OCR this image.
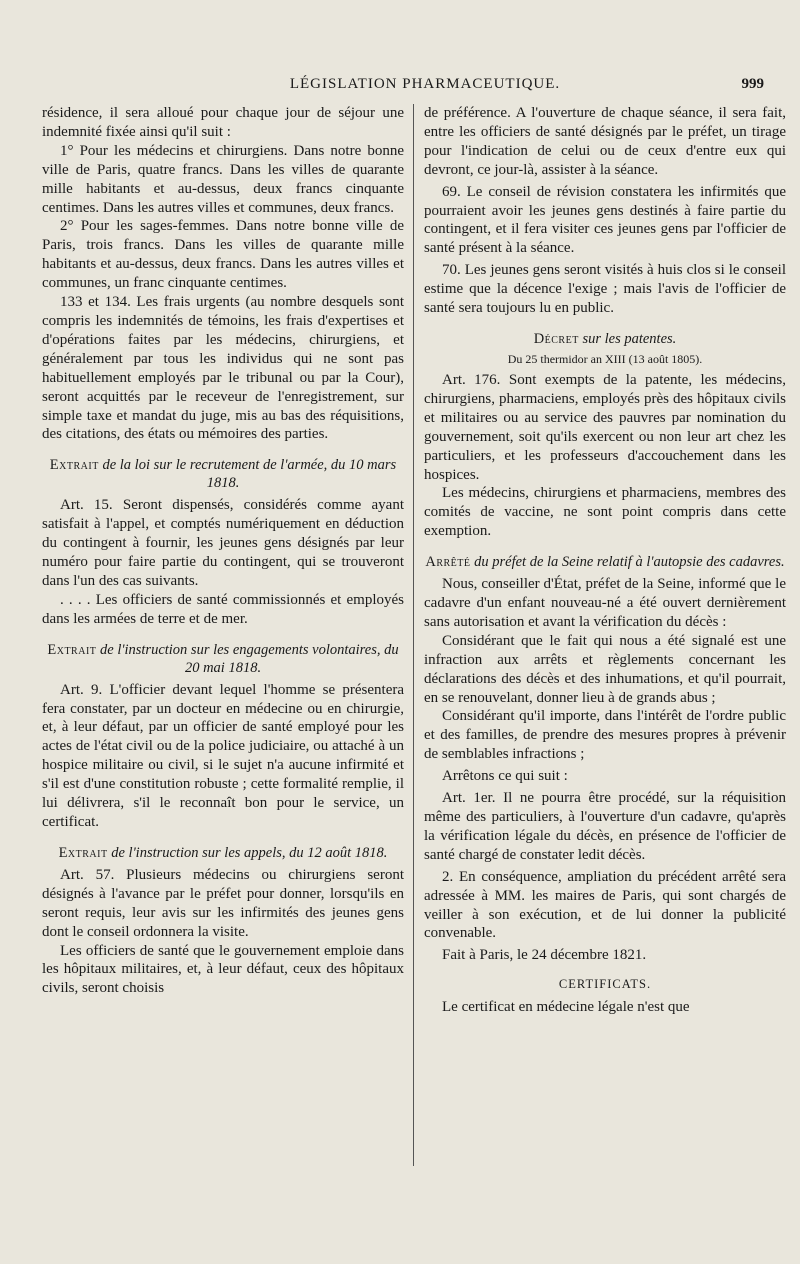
LÉGISLATION PHARMACEUTIQUE.	999

résidence, il sera alloué pour chaque jour de séjour une indemnité fixée ainsi qu'il suit :

1° Pour les médecins et chirurgiens. Dans notre bonne ville de Paris, quatre francs. Dans les villes de quarante mille habitants et au-dessus, deux francs cinquante centimes. Dans les autres villes et communes, deux francs.

2° Pour les sages-femmes. Dans notre bonne ville de Paris, trois francs. Dans les villes de quarante mille habitants et au-dessus, deux francs. Dans les autres villes et communes, un franc cinquante centimes.

133 et 134. Les frais urgents (au nombre desquels sont compris les indemnités de témoins, les frais d'expertises et d'opérations faites par les médecins, chirurgiens, et généralement par tous les individus qui ne sont pas habituellement employés par le tribunal ou par la Cour), seront acquittés par le receveur de l'enregistrement, sur simple taxe et mandat du juge, mis au bas des réquisitions, des citations, des états ou mémoires des parties.

Extrait de la loi sur le recrutement de l'armée, du 10 mars 1818.

Art. 15. Seront dispensés, considérés comme ayant satisfait à l'appel, et comptés numériquement en déduction du contingent à fournir, les jeunes gens désignés par leur numéro pour faire partie du contingent, qui se trouveront dans l'un des cas suivants.

. . . . Les officiers de santé commissionnés et employés dans les armées de terre et de mer.

Extrait de l'instruction sur les engagements volontaires, du 20 mai 1818.

Art. 9. L'officier devant lequel l'homme se présentera fera constater, par un docteur en médecine ou en chirurgie, et, à leur défaut, par un officier de santé employé pour les actes de l'état civil ou de la police judiciaire, ou attaché à un hospice militaire ou civil, si le sujet n'a aucune infirmité et s'il est d'une constitution robuste ; cette formalité remplie, il lui délivrera, s'il le reconnaît bon pour le service, un certificat.

Extrait de l'instruction sur les appels, du 12 août 1818.

Art. 57. Plusieurs médecins ou chirurgiens seront désignés à l'avance par le préfet pour donner, lorsqu'ils en seront requis, leur avis sur les infirmités des jeunes gens dont le conseil ordonnera la visite.

Les officiers de santé que le gouvernement emploie dans les hôpitaux militaires, et, à leur défaut, ceux des hôpitaux civils, seront choisis

de préférence. A l'ouverture de chaque séance, il sera fait, entre les officiers de santé désignés par le préfet, un tirage pour l'indication de celui ou de ceux d'entre eux qui devront, ce jour-là, assister à la séance.

69. Le conseil de révision constatera les infirmités que pourraient avoir les jeunes gens destinés à faire partie du contingent, et il fera visiter ces jeunes gens par l'officier de santé présent à la séance.

70. Les jeunes gens seront visités à huis clos si le conseil estime que la décence l'exige ; mais l'avis de l'officier de santé sera toujours lu en public.

Décret sur les patentes.
Du 25 thermidor an XIII (13 août 1805).

Art. 176. Sont exempts de la patente, les médecins, chirurgiens, pharmaciens, employés près des hôpitaux civils et militaires ou au service des pauvres par nomination du gouvernement, soit qu'ils exercent ou non leur art chez les particuliers, et les professeurs d'accouchement dans les hospices.

Les médecins, chirurgiens et pharmaciens, membres des comités de vaccine, ne sont point compris dans cette exemption.

Arrêté du préfet de la Seine relatif à l'autopsie des cadavres.

Nous, conseiller d'État, préfet de la Seine, informé que le cadavre d'un enfant nouveau-né a été ouvert dernièrement sans autorisation et avant la vérification du décès :

Considérant que le fait qui nous a été signalé est une infraction aux arrêts et règlements concernant les déclarations des décès et des inhumations, et qu'il pourrait, en se renouvelant, donner lieu à de grands abus ;

Considérant qu'il importe, dans l'intérêt de l'ordre public et des familles, de prendre des mesures propres à prévenir de semblables infractions ;

Arrêtons ce qui suit :

Art. 1er. Il ne pourra être procédé, sur la réquisition même des particuliers, à l'ouverture d'un cadavre, qu'après la vérification légale du décès, en présence de l'officier de santé chargé de constater ledit décès.

2. En conséquence, ampliation du précédent arrêté sera adressée à MM. les maires de Paris, qui sont chargés de veiller à son exécution, et de lui donner la publicité convenable.

Fait à Paris, le 24 décembre 1821.

CERTIFICATS.

Le certificat en médecine légale n'est que
